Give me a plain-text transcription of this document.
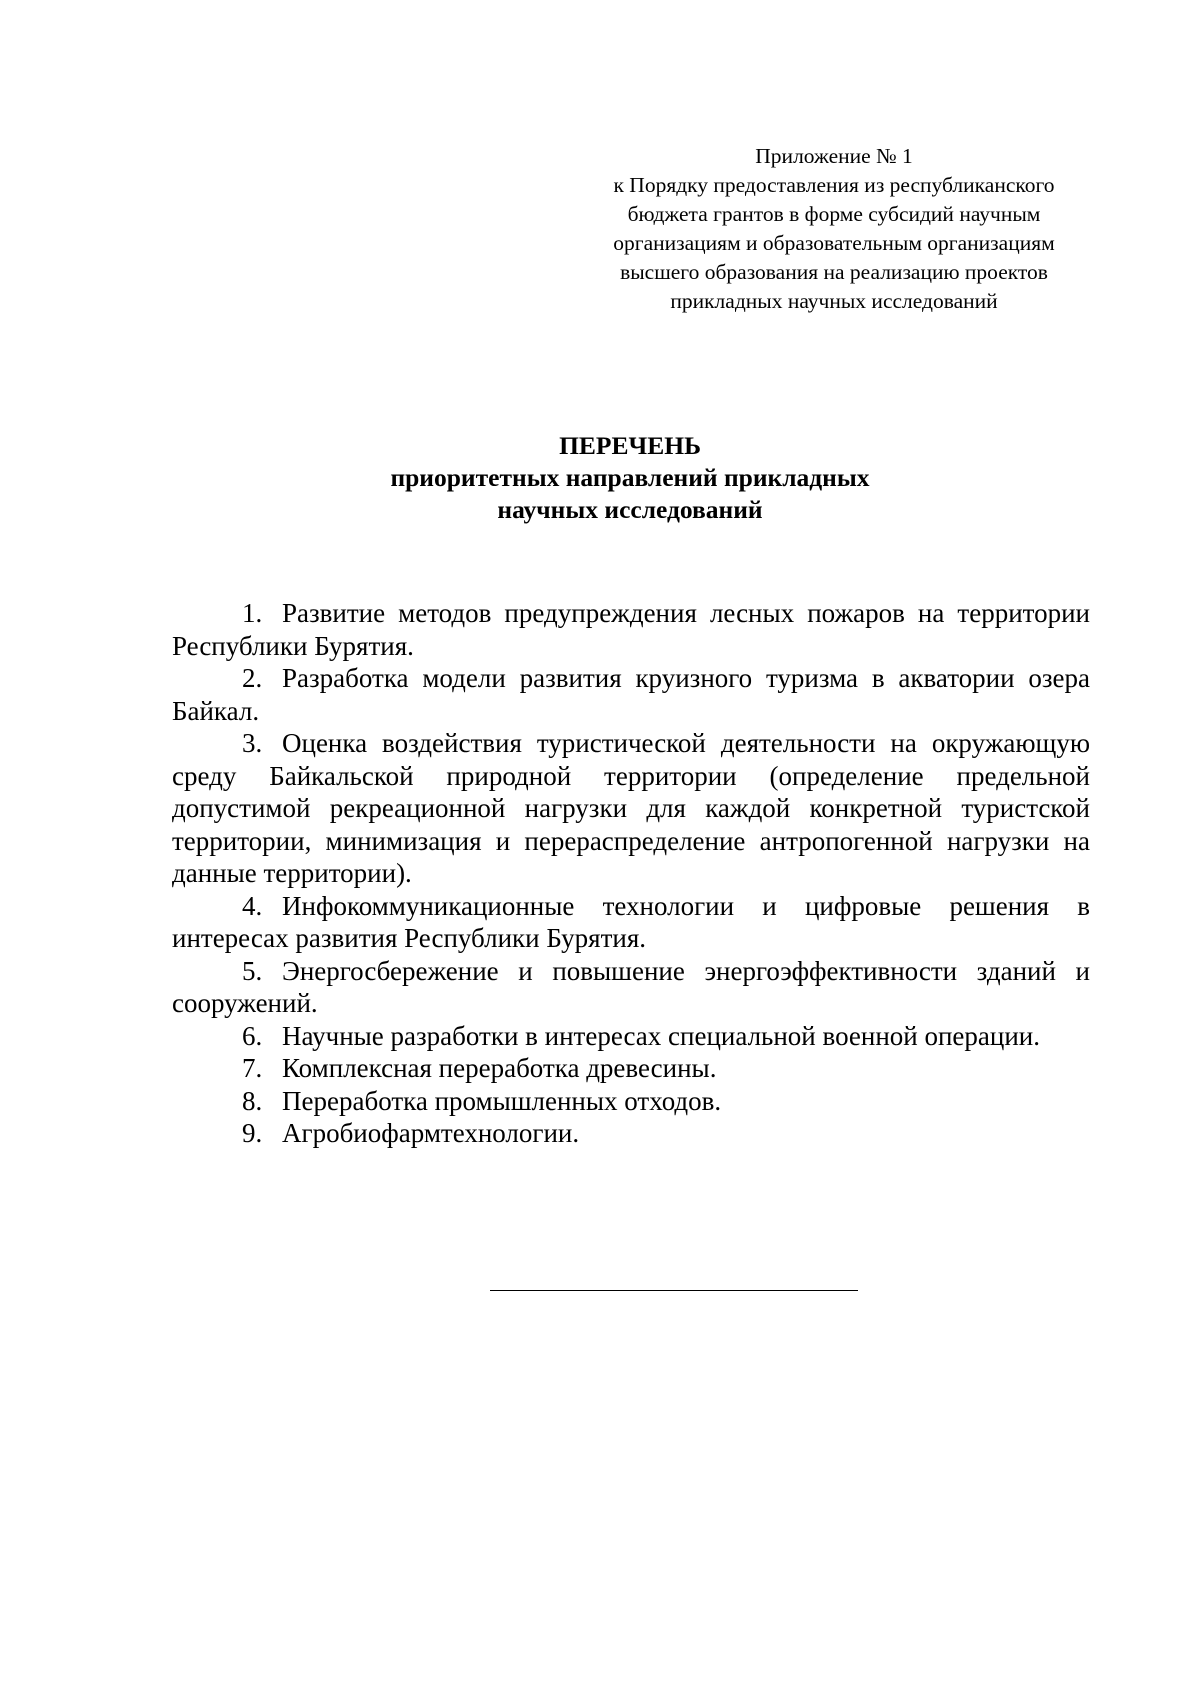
Приложение № 1
к Порядку предоставления из республиканского
бюджета грантов в форме субсидий научным
организациям и образовательным организациям
высшего образования на реализацию проектов
прикладных научных исследований
ПЕРЕЧЕНЬ
приоритетных направлений прикладных
научных исследований

1. Развитие методов предупреждения лесных пожаров на территории Республики Бурятия.

2. Разработка модели развития круизного туризма в акватории озера Байкал.

3. Оценка воздействия туристической деятельности на окружающую среду Байкальской природной территории (определение предельной допустимой рекреационной нагрузки для каждой конкретной туристской территории, минимизация и перераспределение антропогенной нагрузки на данные территории).

4. Инфокоммуникационные технологии и цифровые решения в интересах развития Республики Бурятия.

5. Энергосбережение и повышение энергоэффективности зданий и сооружений.

6. Научные разработки в интересах специальной военной операции.

7. Комплексная переработка древесины.

8. Переработка промышленных отходов.

9. Агробиофармтехнологии.
